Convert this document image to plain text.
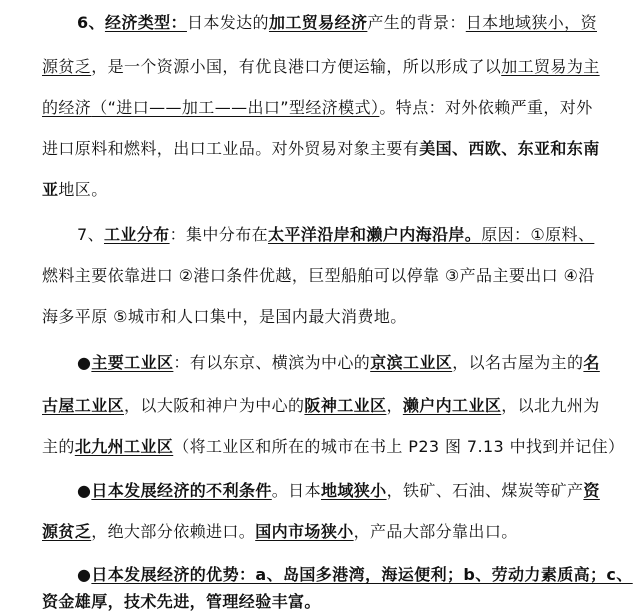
6、经济类型：日本发达的加工贸易经济产生的背景：日本地域狭小，资
源贫乏，是一个资源小国，有优良港口方便运输，所以形成了以加工贸易为主
的经济（“进口——加工——出口”型经济模式）。特点：对外依赖严重，对外
进口原料和燃料，出口工业品。对外贸易对象主要有美国、西欧、东亚和东南
亚地区。
7、工业分布：集中分布在太平洋沿岸和濑户内海沿岸。原因：①原料、
燃料主要依靠进口 ②港口条件优越，巨型船舶可以停靠 ③产品主要出口 ④沿
海多平原 ⑤城市和人口集中，是国内最大消费地。
●主要工业区：有以东京、横滨为中心的京滨工业区，以名古屋为主的名
古屋工业区，以大阪和神户为中心的阪神工业区，濑户内工业区，以北九州为
主的北九州工业区（将工业区和所在的城市在书上 P23 图 7.13 中找到并记住）
●日本发展经济的不利条件。日本地域狭小，铁矿、石油、煤炭等矿产资
源贫乏，绝大部分依赖进口。国内市场狭小，产品大部分靠出口。
●日本发展经济的优势：a、岛国多港湾，海运便利；b、劳动力素质高；c、
资金雄厚，技术先进，管理经验丰富。
